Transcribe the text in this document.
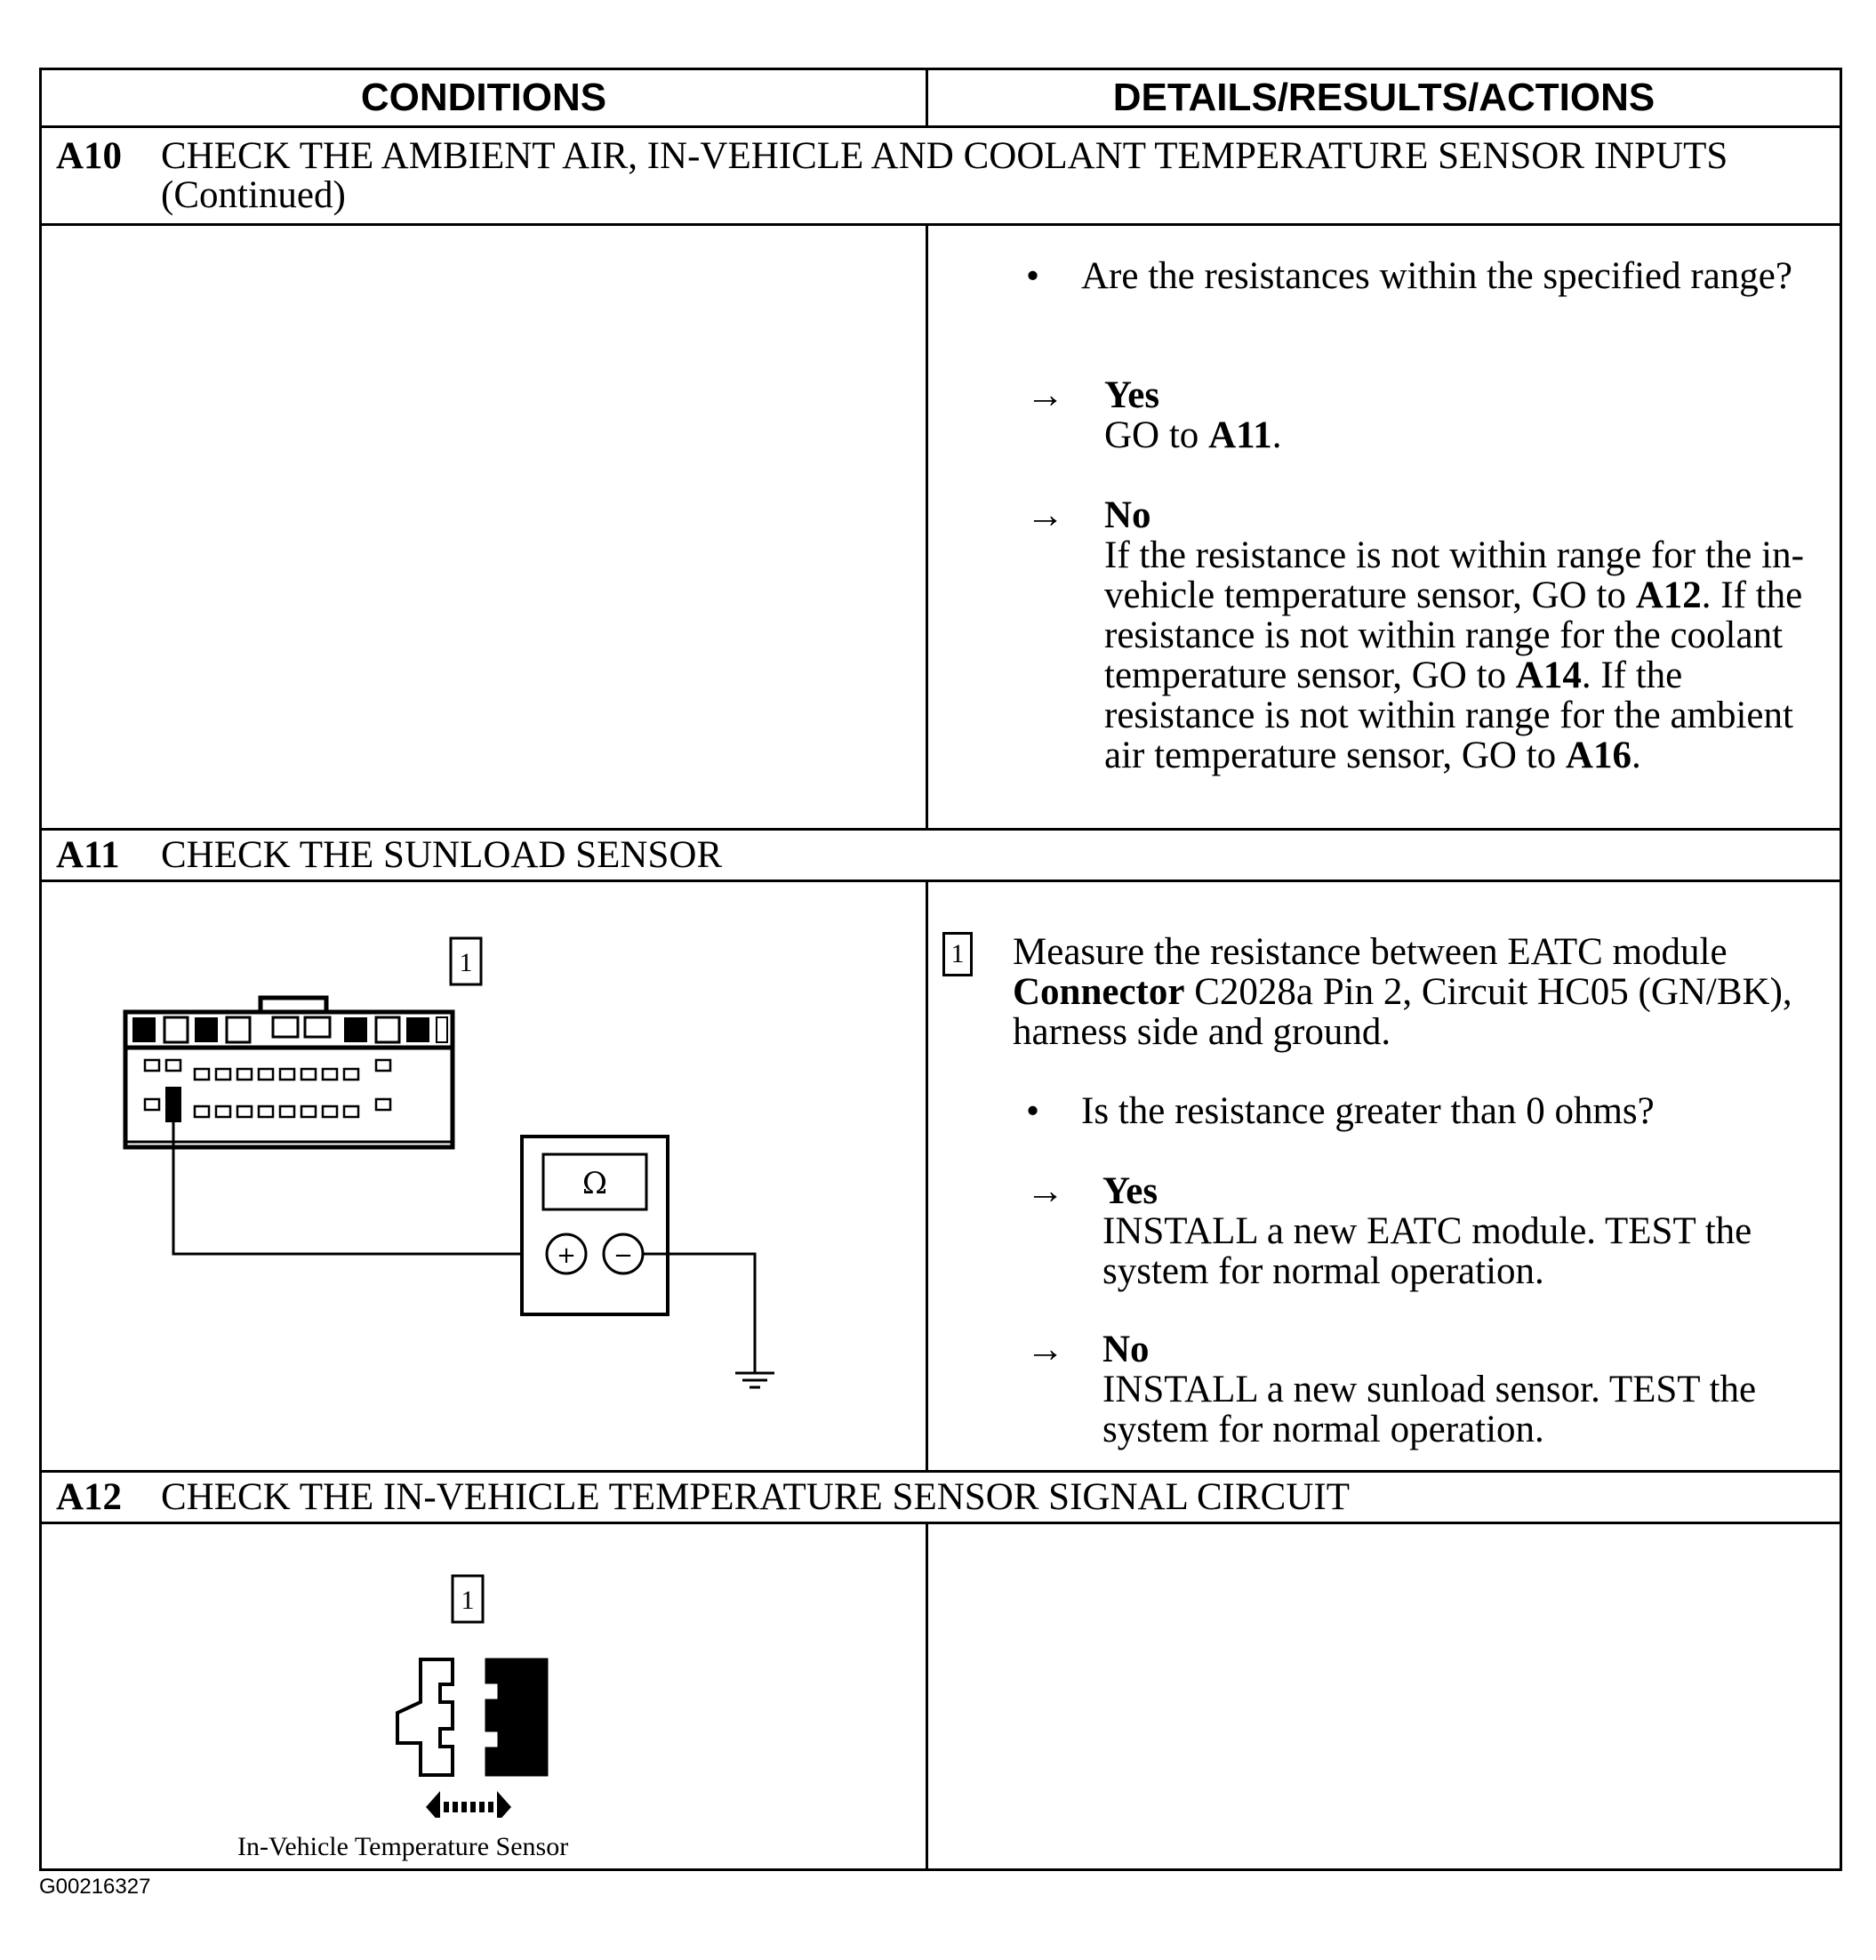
CONDITIONS	DETAILS/RESULTS/ACTIONS
A10 CHECK THE AMBIENT AIR, IN-VEHICLE AND COOLANT TEMPERATURE SENSOR INPUTS (Continued)
• Are the resistances within the specified range?
→ Yes
GO to A11.
→ No
If the resistance is not within range for the in-vehicle temperature sensor, GO to A12. If the resistance is not within range for the coolant temperature sensor, GO to A14. If the resistance is not within range for the ambient air temperature sensor, GO to A16.
A11 CHECK THE SUNLOAD SENSOR
1
Ω
+ −
1 Measure the resistance between EATC module Connector C2028a Pin 2, Circuit HC05 (GN/BK), harness side and ground.
• Is the resistance greater than 0 ohms?
→ Yes
INSTALL a new EATC module. TEST the system for normal operation.
→ No
INSTALL a new sunload sensor. TEST the system for normal operation.
A12 CHECK THE IN-VEHICLE TEMPERATURE SENSOR SIGNAL CIRCUIT
1
In-Vehicle Temperature Sensor
G00216327
